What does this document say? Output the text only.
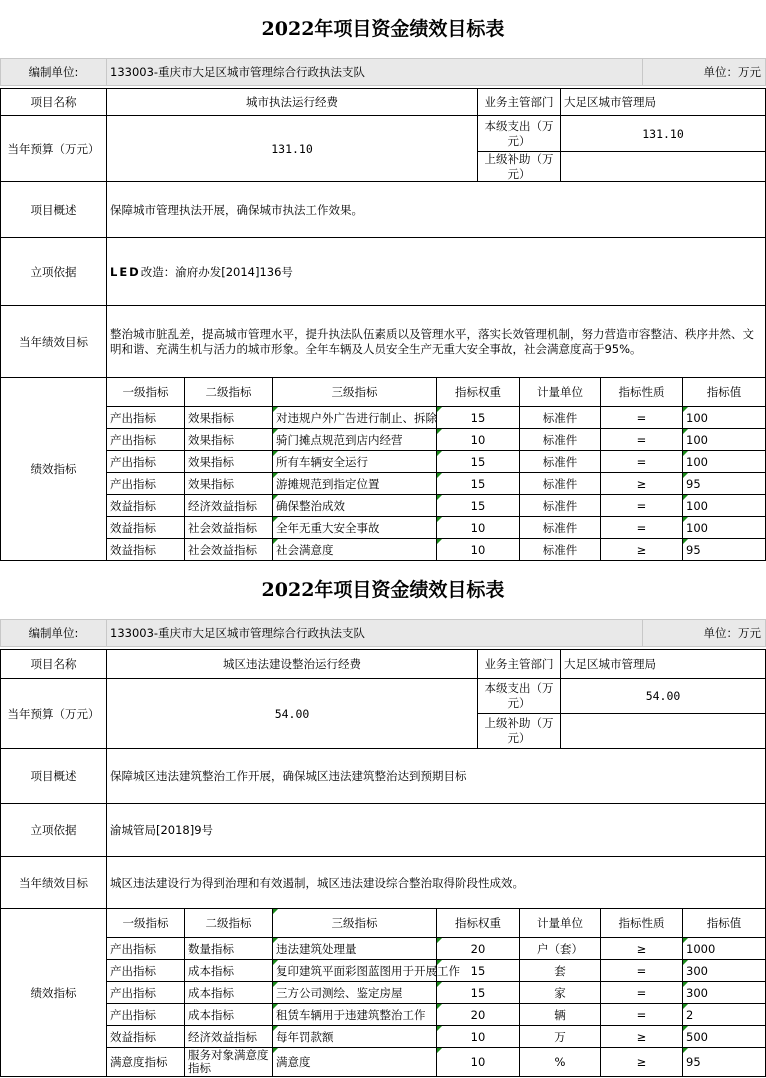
2022年项目资金绩效目标表
编制单位:	133003-重庆市大足区城市管理综合行政执法支队	单位：万元
项目名称	城市执法运行经费	业务主管部门 大足区城市管理局
当年预算（万元）	131.10
本级支出（万元）	131.10
上级补助（万元）
项目概述	保障城市管理执法开展，确保城市执法工作效果。
立项依据	LED 改造：渝府办发[2014]136号
当年绩效目标
整治城市脏乱差，提高城市管理水平，提升执法队伍素质以及管理水平，落实长效管理机制，努力营造市容整洁、秩序井然、文明和谐、充满生机与活力的城市形象。全年车辆及人员安全生产无重大安全事故，社会满意度高于95%。
绩效指标
一级指标	二级指标	三级指标	指标权重	计量单位	指标性质	指标值
产出指标	效果指标	对违规户外广告进行制止、拆除	15	标准件	=	100
产出指标	效果指标	骑门摊点规范到店内经营	10	标准件	=	100
产出指标	效果指标	所有车辆安全运行	15	标准件	=	100
产出指标	效果指标	游摊规范到指定位置	15	标准件	≥	95
效益指标	经济效益指标	确保整治成效	15	标准件	=	100
效益指标	社会效益指标	全年无重大安全事故	10	标准件	=	100
效益指标	社会效益指标	社会满意度	10	标准件	≥	95
2022年项目资金绩效目标表
编制单位:	133003-重庆市大足区城市管理综合行政执法支队	单位：万元
项目名称	城区违法建设整治运行经费	业务主管部门 大足区城市管理局
当年预算（万元）	54.00
本级支出（万元）	54.00
上级补助（万元）
项目概述	保障城区违法建筑整治工作开展，确保城区违法建筑整治达到预期目标
立项依据	渝城管局[2018]9号
当年绩效目标	城区违法建设行为得到治理和有效遏制，城区违法建设综合整治取得阶段性成效。
绩效指标
一级指标	二级指标	三级指标	指标权重	计量单位	指标性质	指标值
产出指标	数量指标	违法建筑处理量	20	户（套）	≥	1000
产出指标	成本指标	复印建筑平面彩图蓝图用于开展工作 15	套	=	300
产出指标	成本指标	三方公司测绘、鉴定房屋	15	家	=	300
产出指标	成本指标	租赁车辆用于违建筑整治工作	20	辆	=	2
效益指标	经济效益指标	每年罚款额	10	万	≥	500
满意度指标	服务对象满意度指标	满意度	10	%	≥	95
